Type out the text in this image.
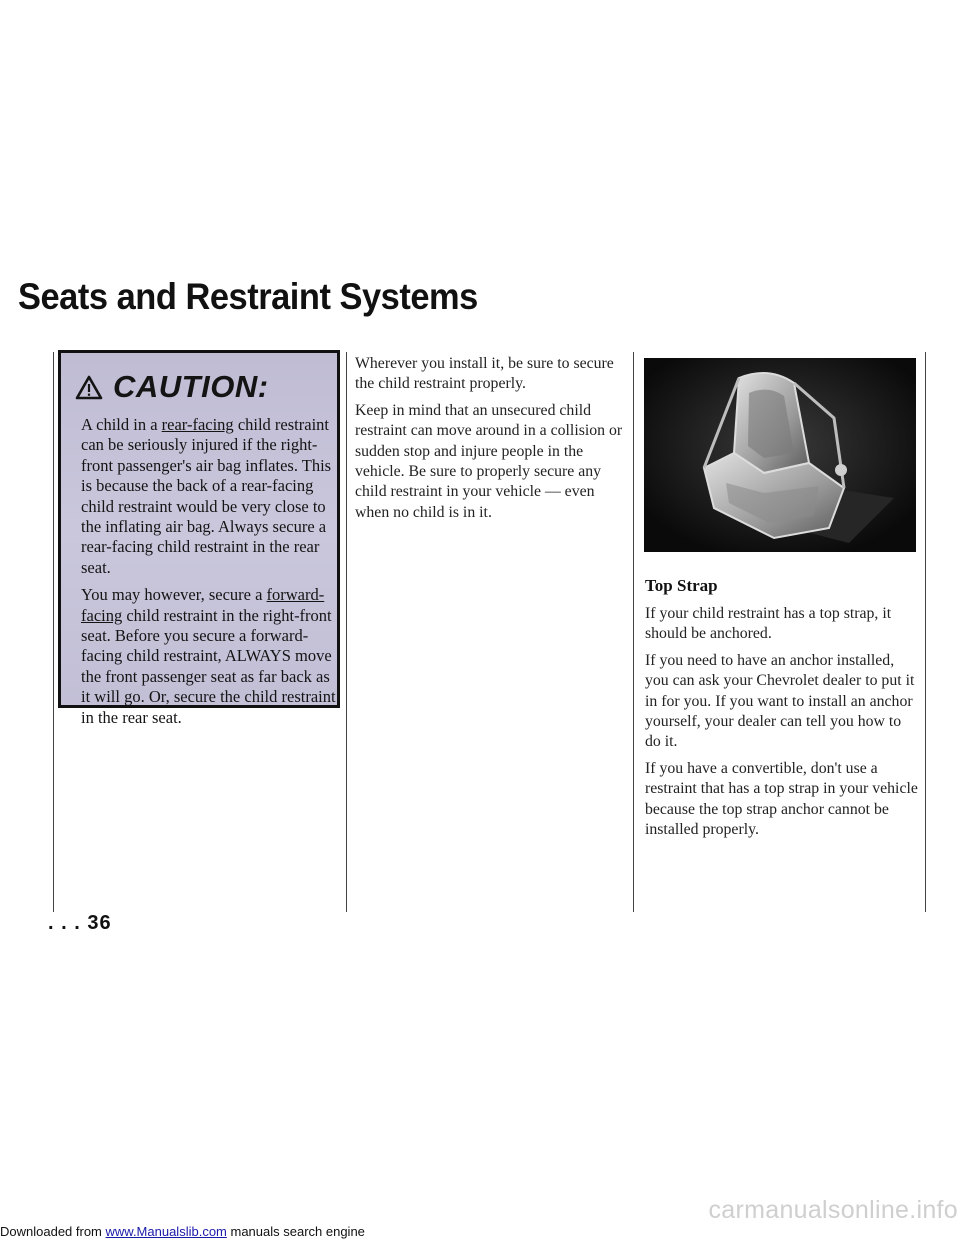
Seats and Restraint Systems
CAUTION:

A child in a rear-facing child restraint can be seriously injured if the right-front passenger's air bag inflates. This is because the back of a rear-facing child restraint would be very close to the inflating air bag. Always secure a rear-facing child restraint in the rear seat.

You may however, secure a forward-facing child restraint in the right-front seat. Before you secure a forward-facing child restraint, ALWAYS move the front passenger seat as far back as it will go. Or, secure the child restraint in the rear seat.

Wherever you install it, be sure to secure the child restraint properly.

Keep in mind that an unsecured child restraint can move around in a collision or sudden stop and injure people in the vehicle. Be sure to properly secure any child restraint in your vehicle — even when no child is in it.

Top Strap

If your child restraint has a top strap, it should be anchored.

If you need to have an anchor installed, you can ask your Chevrolet dealer to put it in for you. If you want to install an anchor yourself, your dealer can tell you how to do it.

If you have a convertible, don't use a restraint that has a top strap in your vehicle because the top strap anchor cannot be installed properly.

. . . 36
Downloaded from www.Manualslib.com manuals search engine
carmanualsonline.info
